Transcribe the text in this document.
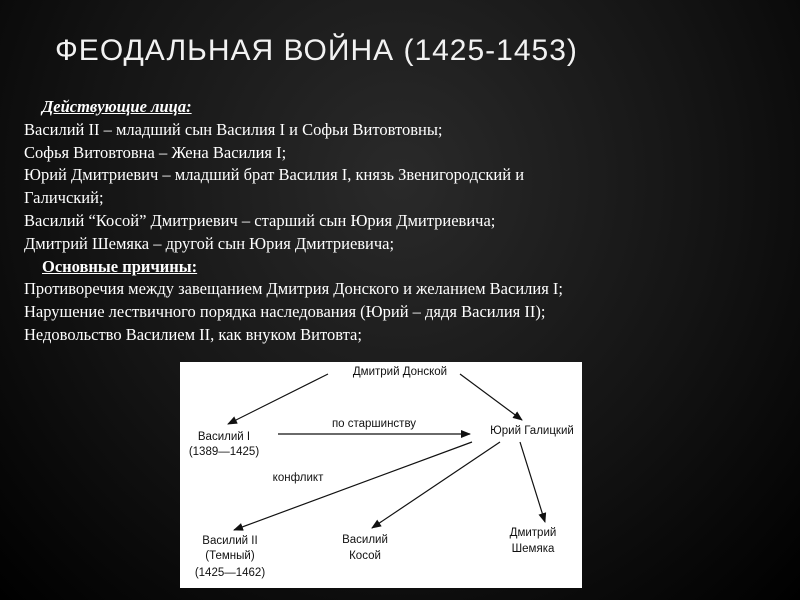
ФЕОДАЛЬНАЯ ВОЙНА (1425-1453)
Действующие лица:
Василий II – младший сын Василия I и Софьи Витовтовны;
Софья Витовтовна – Жена Василия I;
Юрий Дмитриевич – младший брат Василия I, князь Звенигородский и
Галичский;
Василий “Косой” Дмитриевич – старший сын Юрия Дмитриевича;
Дмитрий Шемяка – другой сын Юрия Дмитриевича;
Основные причины:
Противоречия между завещанием Дмитрия Донского и желанием Василия I;
Нарушение лествичного порядка наследования (Юрий – дядя Василия II);
Недовольство Василием II, как внуком Витовта;
Дмитрий Донской
Василий I
(1389—1425)
Юрий Галицкий
Василий II
(Темный)
(1425—1462)
Василий
Косой
Дмитрий
Шемяка
по старшинству
конфликт
